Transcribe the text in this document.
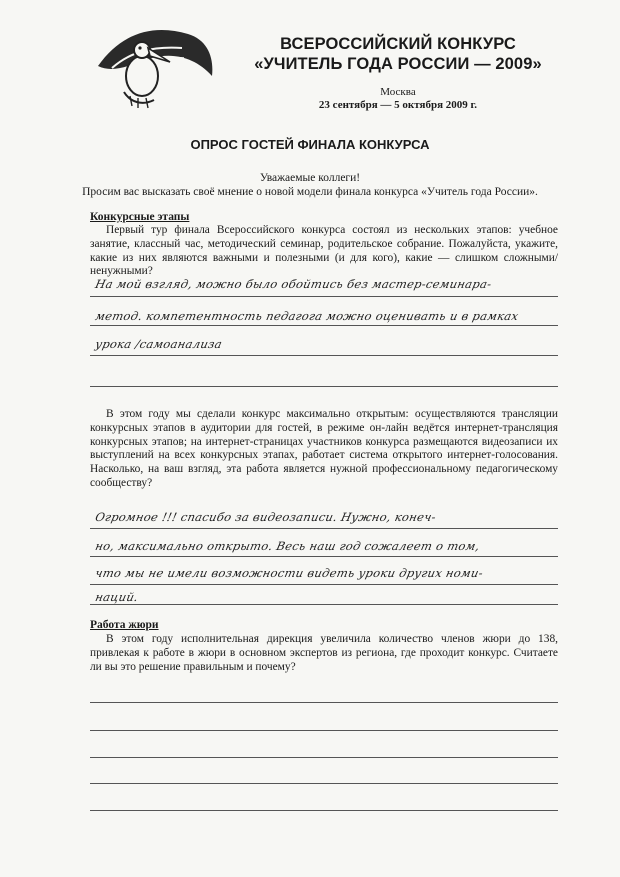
ВСЕРОССИЙСКИЙ КОНКУРС
«УЧИТЕЛЬ ГОДА РОССИИ — 2009»
Москва
23 сентября — 5 октября 2009 г.
ОПРОС ГОСТЕЙ ФИНАЛА КОНКУРСА
Уважаемые коллеги!
Просим вас высказать своё мнение о новой модели финала конкурса «Учитель года России».
Конкурсные этапы
Первый тур финала Всероссийского конкурса состоял из нескольких этапов: учебное занятие, классный час, методический семинар, родительское собрание. Пожалуйста, укажите, какие из них являются важными и полезными (и для кого), какие — слишком сложными/ненужными?
На мой взгляд, можно было обойтись без мастер-семинара-
метод. компетентность педагога можно оценивать и в рамках
урока /самоанализа
В этом году мы сделали конкурс максимально открытым: осуществляются трансляции конкурсных этапов в аудитории для гостей, в режиме он-лайн ведётся интернет-трансляция конкурсных этапов; на интернет-страницах участников конкурса размещаются видеозаписи их выступлений на всех конкурсных этапах, работает система открытого интернет-голосования. Насколько, на ваш взгляд, эта работа является нужной профессиональному педагогическому сообществу?
Огромное !!! спасибо за видеозаписи. Нужно, конеч-
но, максимально открыто. Весь наш год сожалеет о том,
что мы не имели возможности видеть уроки других номи-
наций.
Работа жюри
В этом году исполнительная дирекция увеличила количество членов жюри до 138, привлекая к работе в жюри в основном экспертов из региона, где проходит конкурс. Считаете ли вы это решение правильным и почему?
